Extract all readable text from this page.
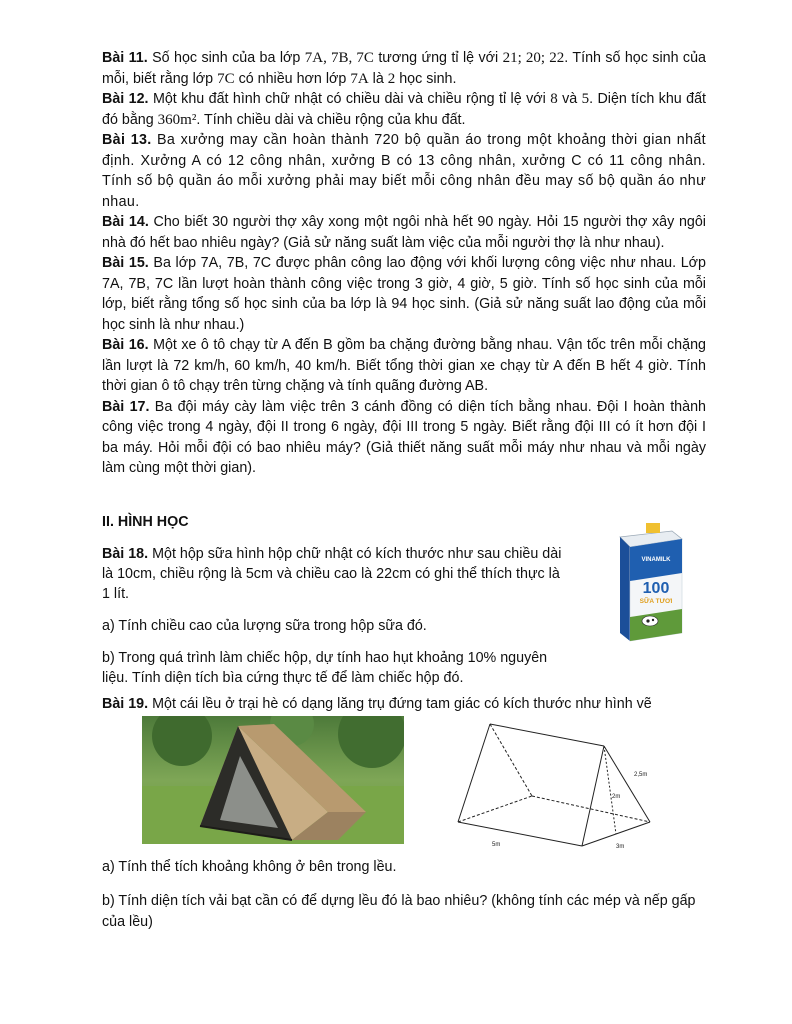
Bài 11. Số học sinh của ba lớp 7A, 7B, 7C tương ứng tỉ lệ với 21; 20; 22. Tính số học sinh của mỗi, biết rằng lớp 7C có nhiều hơn lớp 7A là 2 học sinh.

Bài 12. Một khu đất hình chữ nhật có chiều dài và chiều rộng tỉ lệ với 8 và 5. Diện tích khu đất đó bằng 360m². Tính chiều dài và chiều rộng của khu đất.

Bài 13. Ba xưởng may cần hoàn thành 720 bộ quần áo trong một khoảng thời gian nhất định. Xưởng A có 12 công nhân, xưởng B có 13 công nhân, xưởng C có 11 công nhân. Tính số bộ quần áo mỗi xưởng phải may biết mỗi công nhân đều may số bộ quần áo như nhau.

Bài 14. Cho biết 30 người thợ xây xong một ngôi nhà hết 90 ngày. Hỏi 15 người thợ xây ngôi nhà đó hết bao nhiêu ngày? (Giả sử năng suất làm việc của mỗi người thợ là như nhau).

Bài 15. Ba lớp 7A, 7B, 7C được phân công lao động với khối lượng công việc như nhau. Lớp 7A, 7B, 7C lần lượt hoàn thành công việc trong 3 giờ, 4 giờ, 5 giờ. Tính số học sinh của mỗi lớp, biết rằng tổng số học sinh của ba lớp là 94 học sinh. (Giả sử năng suất lao động của mỗi học sinh là như nhau.)

Bài 16. Một xe ô tô chạy từ A đến B gồm ba chặng đường bằng nhau. Vận tốc trên mỗi chặng lần lượt là 72 km/h, 60 km/h, 40 km/h. Biết tổng thời gian xe chạy từ A đến B hết 4 giờ. Tính thời gian ô tô chạy trên từng chặng và tính quãng đường AB.

Bài 17. Ba đội máy cày làm việc trên 3 cánh đồng có diện tích bằng nhau. Đội I hoàn thành công việc trong 4 ngày, đội II trong 6 ngày, đội III trong 5 ngày. Biết rằng đội III có ít hơn đội I ba máy. Hỏi mỗi đội có bao nhiêu máy? (Giả thiết năng suất mỗi máy như nhau và mỗi ngày làm cùng một thời gian).

II. HÌNH HỌC

Bài 18. Một hộp sữa hình hộp chữ nhật có kích thước như sau chiều dài là 10cm, chiều rộng là 5cm và chiều cao là 22cm có ghi thể thích thực là 1 lít.

a) Tính chiều cao của lượng sữa trong hộp sữa đó.

b) Trong quá trình làm chiếc hộp, dự tính hao hụt khoảng 10% nguyên liệu. Tính diện tích bìa cứng thực tế để làm chiếc hộp đó.

VINAMILK
100
SỮA TƯƠI

Bài 19. Một cái lều ở trại hè có dạng lăng trụ đứng tam giác có kích thước như hình vẽ

2,5m
2m
5m	3m

a) Tính thể tích khoảng không ở bên trong lều.

b) Tính diện tích vải bạt cần có để dựng lều đó là bao nhiêu? (không tính các mép và nếp gấp của lều)
